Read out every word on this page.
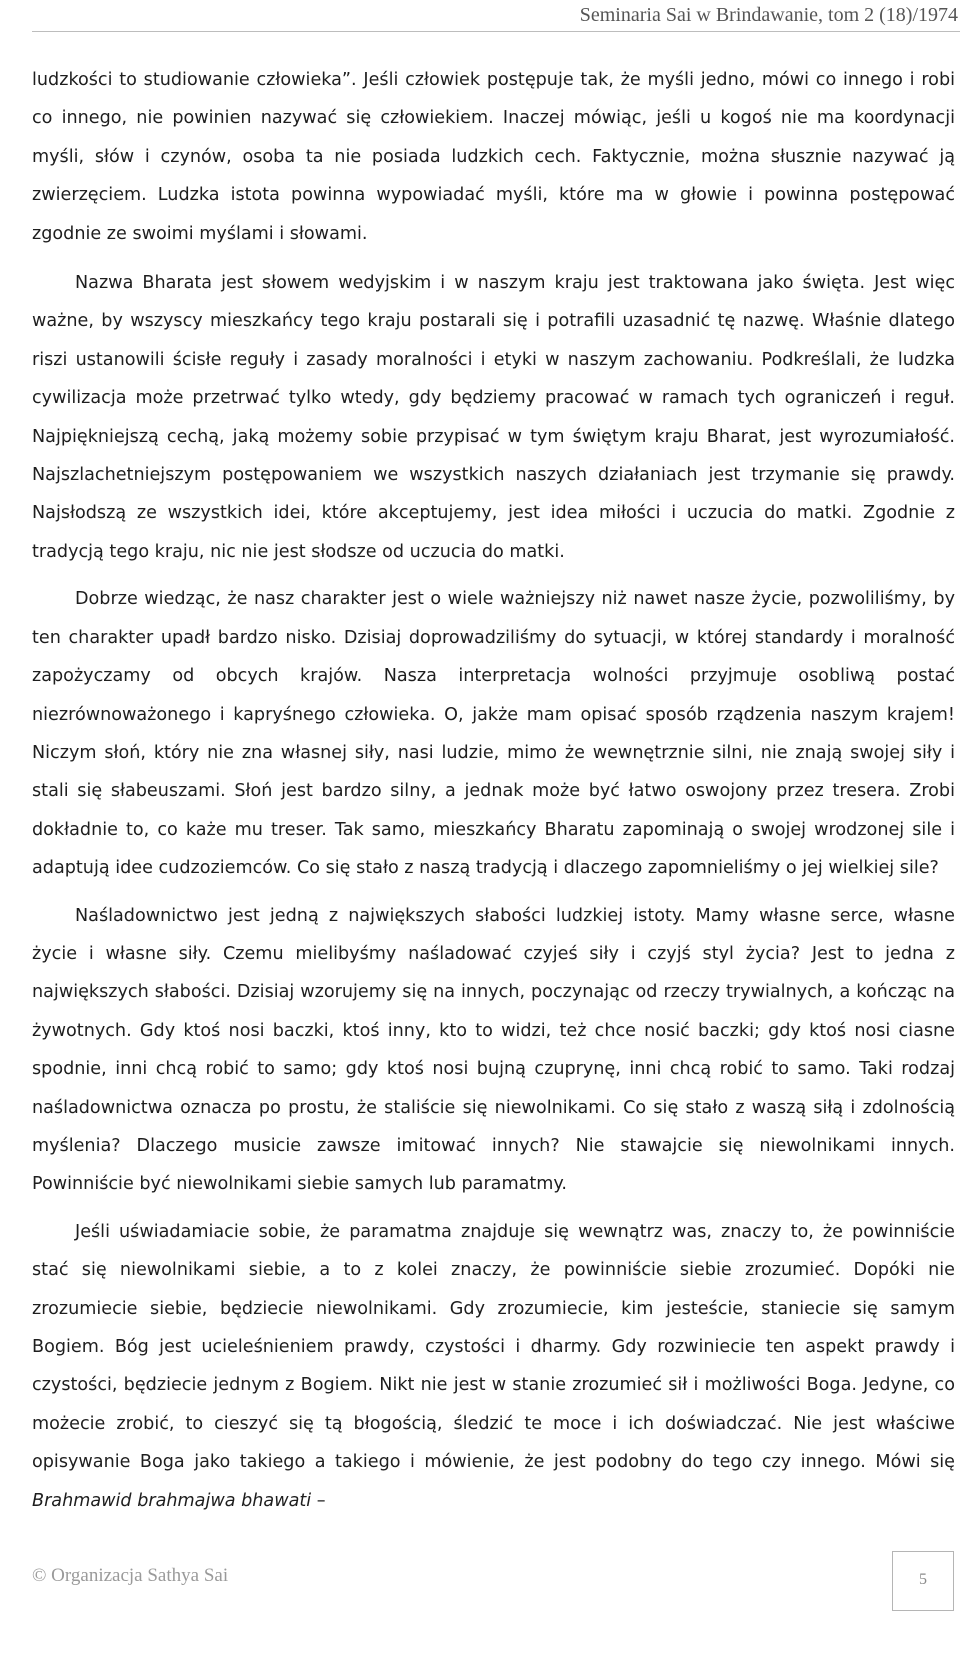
Seminaria Sai w Brindawanie, tom 2 (18)/1974

ludzkości to studiowanie człowieka”. Jeśli człowiek postępuje tak, że myśli jedno, mówi co innego i robi co innego, nie powinien nazywać się człowiekiem. Inaczej mówiąc, jeśli u kogoś nie ma koordynacji myśli, słów i czynów, osoba ta nie posiada ludzkich cech. Faktycznie, można słusznie nazywać ją zwierzęciem. Ludzka istota powinna wypowiadać myśli, które ma w głowie i powinna postępować zgodnie ze swoimi myślami i słowami.

Nazwa Bharata jest słowem wedyjskim i w naszym kraju jest traktowana jako święta. Jest więc ważne, by wszyscy mieszkańcy tego kraju postarali się i potrafili uzasadnić tę nazwę. Właśnie dlatego riszi ustanowili ścisłe reguły i zasady moralności i etyki w naszym zachowaniu. Podkreślali, że ludzka cywilizacja może przetrwać tylko wtedy, gdy będziemy pracować w ramach tych ograniczeń i reguł. Najpiękniejszą cechą, jaką możemy sobie przypisać w tym świętym kraju Bharat, jest wyrozumiałość. Najszlachetniejszym postępowaniem we wszystkich naszych działaniach jest trzymanie się prawdy. Najsłodszą ze wszystkich idei, które akceptujemy, jest idea miłości i uczucia do matki. Zgodnie z tradycją tego kraju, nic nie jest słodsze od uczucia do matki.

Dobrze wiedząc, że nasz charakter jest o wiele ważniejszy niż nawet nasze życie, pozwoliliśmy, by ten charakter upadł bardzo nisko. Dzisiaj doprowadziliśmy do sytuacji, w której standardy i moralność zapożyczamy od obcych krajów. Nasza interpretacja wolności przyjmuje osobliwą postać niezrównoważonego i kapryśnego człowieka. O, jakże mam opisać sposób rządzenia naszym krajem! Niczym słoń, który nie zna własnej siły, nasi ludzie, mimo że wewnętrznie silni, nie znają swojej siły i stali się słabeuszami. Słoń jest bardzo silny, a jednak może być łatwo oswojony przez tresera. Zrobi dokładnie to, co każe mu treser. Tak samo, mieszkańcy Bharatu zapominają o swojej wrodzonej sile i adaptują idee cudzoziemców. Co się stało z naszą tradycją i dlaczego zapomnieliśmy o jej wielkiej sile?

Naśladownictwo jest jedną z największych słabości ludzkiej istoty. Mamy własne serce, własne życie i własne siły. Czemu mielibyśmy naśladować czyjeś siły i czyjś styl życia? Jest to jedna z największych słabości. Dzisiaj wzorujemy się na innych, poczynając od rzeczy trywialnych, a kończąc na żywotnych. Gdy ktoś nosi baczki, ktoś inny, kto to widzi, też chce nosić baczki; gdy ktoś nosi ciasne spodnie, inni chcą robić to samo; gdy ktoś nosi bujną czuprynę, inni chcą robić to samo. Taki rodzaj naśladownictwa oznacza po prostu, że staliście się niewolnikami. Co się stało z waszą siłą i zdolnością myślenia? Dlaczego musicie zawsze imitować innych? Nie stawajcie się niewolnikami innych. Powinniście być niewolnikami siebie samych lub paramatmy.

Jeśli uświadamiacie sobie, że paramatma znajduje się wewnątrz was, znaczy to, że powinniście stać się niewolnikami siebie, a to z kolei znaczy, że powinniście siebie zrozumieć. Dopóki nie zrozumiecie siebie, będziecie niewolnikami. Gdy zrozumiecie, kim jesteście, staniecie się samym Bogiem. Bóg jest ucieleśnieniem prawdy, czystości i dharmy. Gdy rozwiniecie ten aspekt prawdy i czystości, będziecie jednym z Bogiem. Nikt nie jest w stanie zrozumieć sił i możliwości Boga. Jedyne, co możecie zrobić, to cieszyć się tą błogością, śledzić te moce i ich doświadczać. Nie jest właściwe opisywanie Boga jako takiego a takiego i mówienie, że jest podobny do tego czy innego. Mówi się Brahmawid brahmajwa bhawati –

© Organizacja Sathya Sai	5
